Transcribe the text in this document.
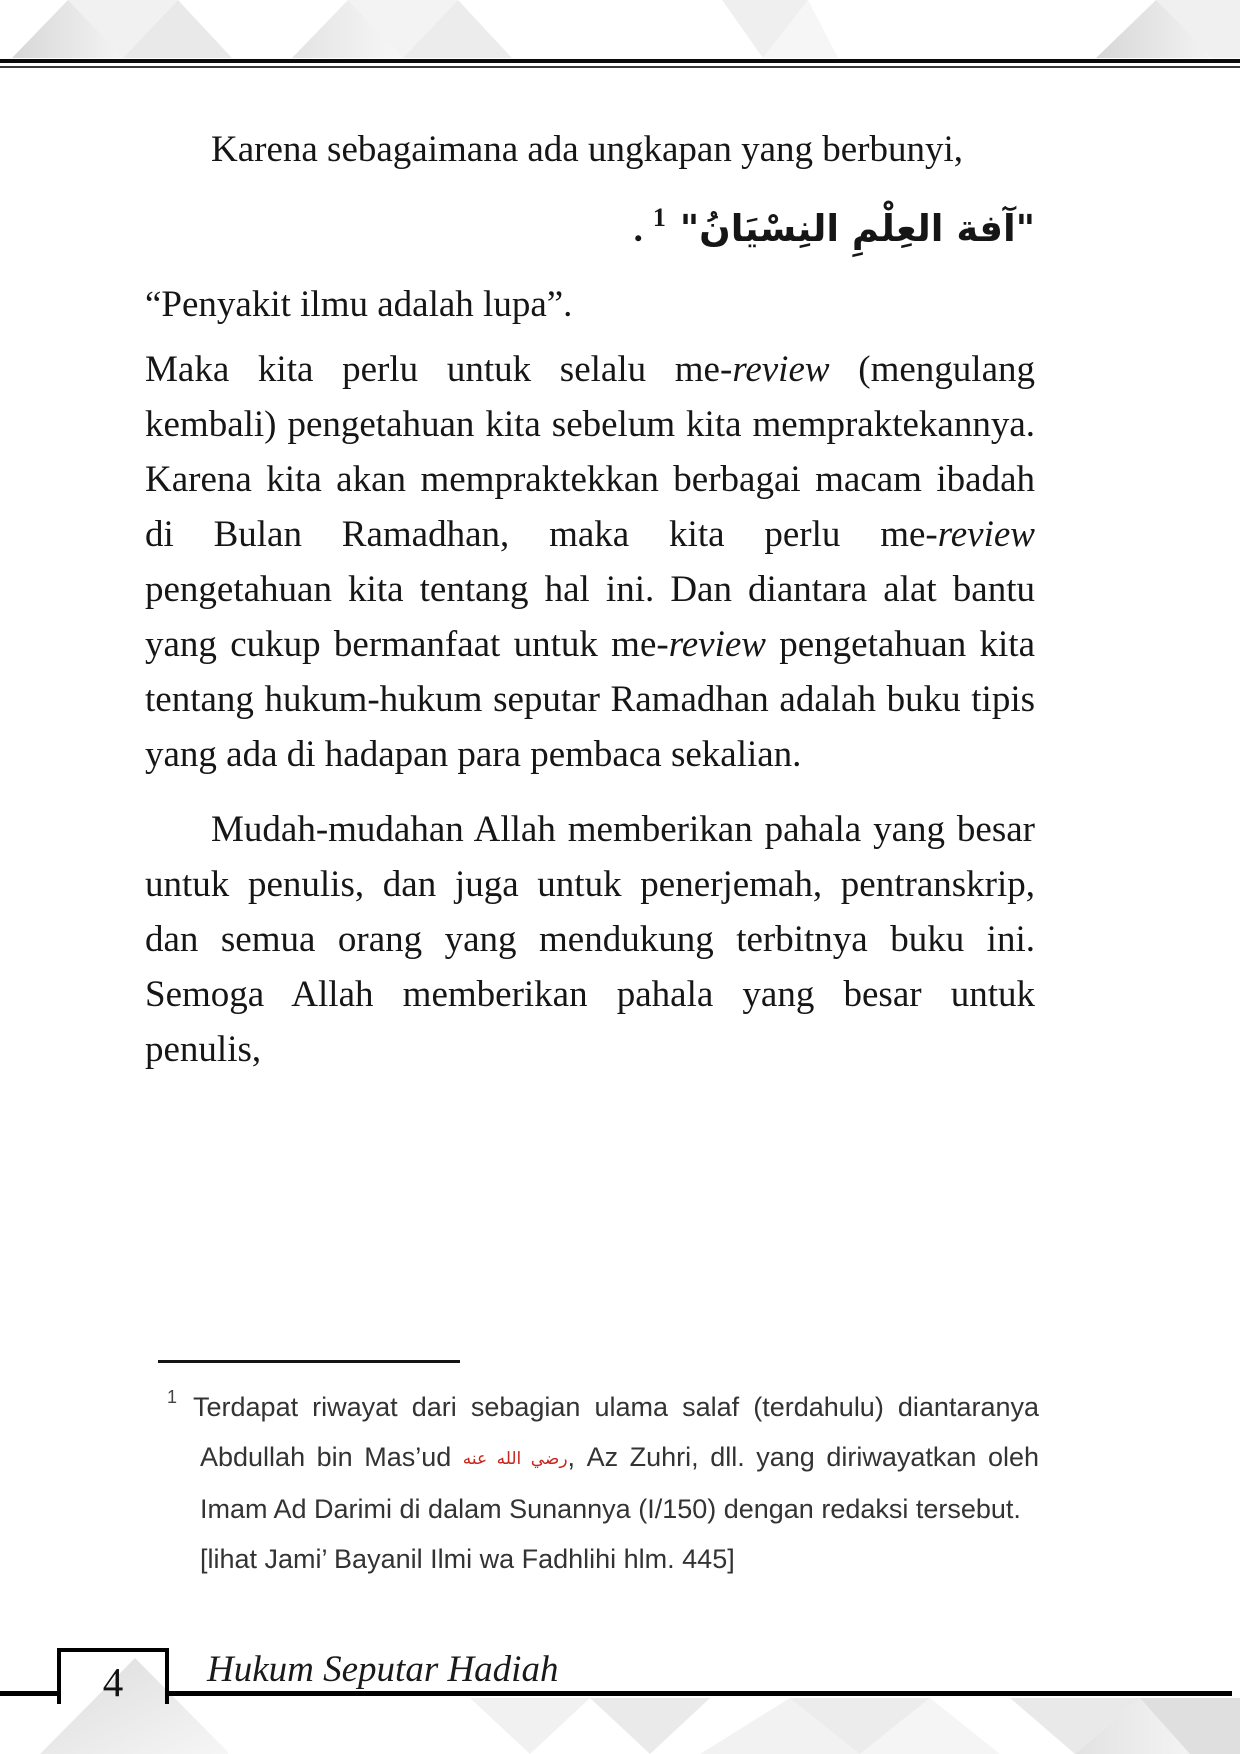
Karena sebagaimana ada ungkapan yang berbunyi,

. $^1$ "آفة العِلْمِ النِسْيَانُ"

“Penyakit ilmu adalah lupa”.

Maka kita perlu untuk selalu me-review (mengulang kembali) pengetahuan kita sebelum kita mempraktekannya. Karena kita akan mempraktekkan berbagai macam ibadah di Bulan Ramadhan, maka kita perlu me-review pengetahuan kita tentang hal ini. Dan diantara alat bantu yang cukup bermanfaat untuk me-review pengetahuan kita tentang hukum-hukum seputar Ramadhan adalah buku tipis yang ada di hadapan para pembaca sekalian.

Mudah-mudahan Allah memberikan pahala yang besar untuk penulis, dan juga untuk penerjemah, pentranskrip, dan semua orang yang mendukung terbitnya buku ini. Semoga Allah memberikan pahala yang besar untuk penulis,

$^1$ Terdapat riwayat dari sebagian ulama salaf (terdahulu) diantaranya Abdullah bin Mas’ud رضي الله عنه, Az Zuhri, dll. yang diriwayatkan oleh Imam Ad Darimi di dalam Sunannya (I/150) dengan redaksi tersebut.

[lihat Jami’ Bayanil Ilmi wa Fadhlihi hlm. 445]

4	Hukum Seputar Hadiah
